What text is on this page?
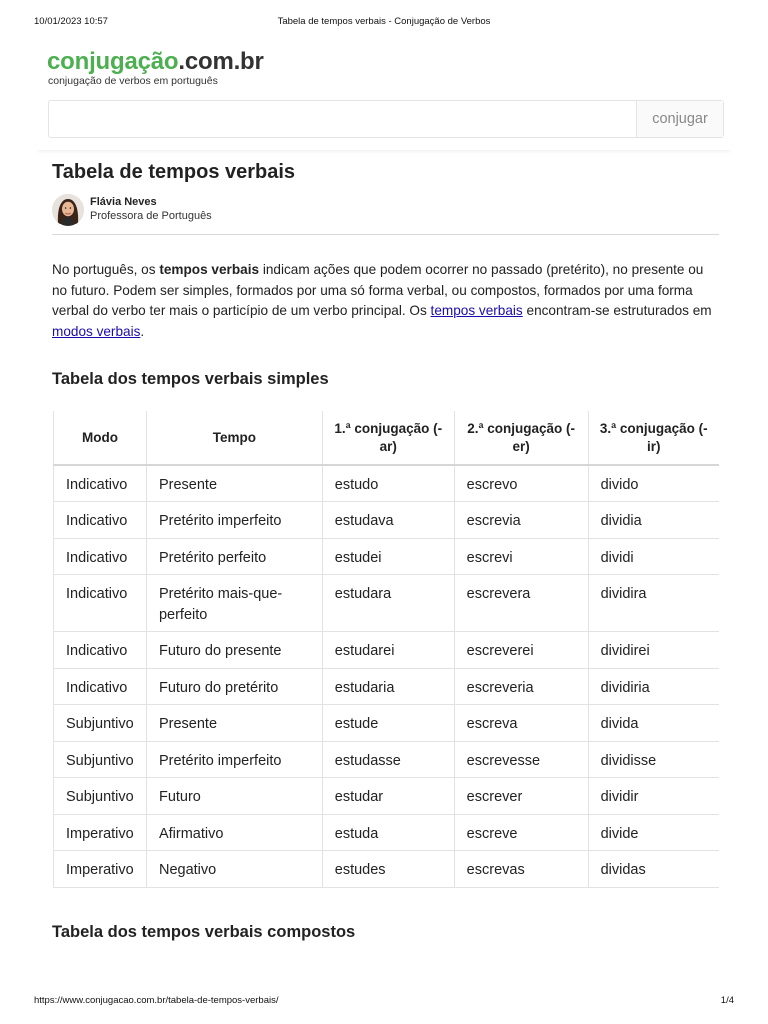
10/01/2023 10:57	Tabela de tempos verbais - Conjugação de Verbos
conjugação.com.br
conjugação de verbos em português
conjugar
Tabela de tempos verbais
Flávia Neves
Professora de Português

No português, os tempos verbais indicam ações que podem ocorrer no passado (pretérito), no presente ou no futuro. Podem ser simples, formados por uma só forma verbal, ou compostos, formados por uma forma verbal do verbo ter mais o particípio de um verbo principal. Os tempos verbais encontram-se estruturados em modos verbais.

Tabela dos tempos verbais simples
Modo	Tempo	1.ª conjugação (-ar)	2.ª conjugação (-er)	3.ª conjugação (-ir)
Indicativo	Presente	estudo	escrevo	divido
Indicativo	Pretérito imperfeito	estudava	escrevia	dividia
Indicativo	Pretérito perfeito	estudei	escrevi	dividi
Indicativo	Pretérito mais-que-perfeito	estudara	escrevera	dividira
Indicativo	Futuro do presente	estudarei	escreverei	dividirei
Indicativo	Futuro do pretérito	estudaria	escreveria	dividiria
Subjuntivo	Presente	estude	escreva	divida
Subjuntivo	Pretérito imperfeito	estudasse	escrevesse	dividisse
Subjuntivo	Futuro	estudar	escrever	dividir
Imperativo	Afirmativo	estuda	escreve	divide
Imperativo	Negativo	estudes	escrevas	dividas
Tabela dos tempos verbais compostos
https://www.conjugacao.com.br/tabela-de-tempos-verbais/	1/4
